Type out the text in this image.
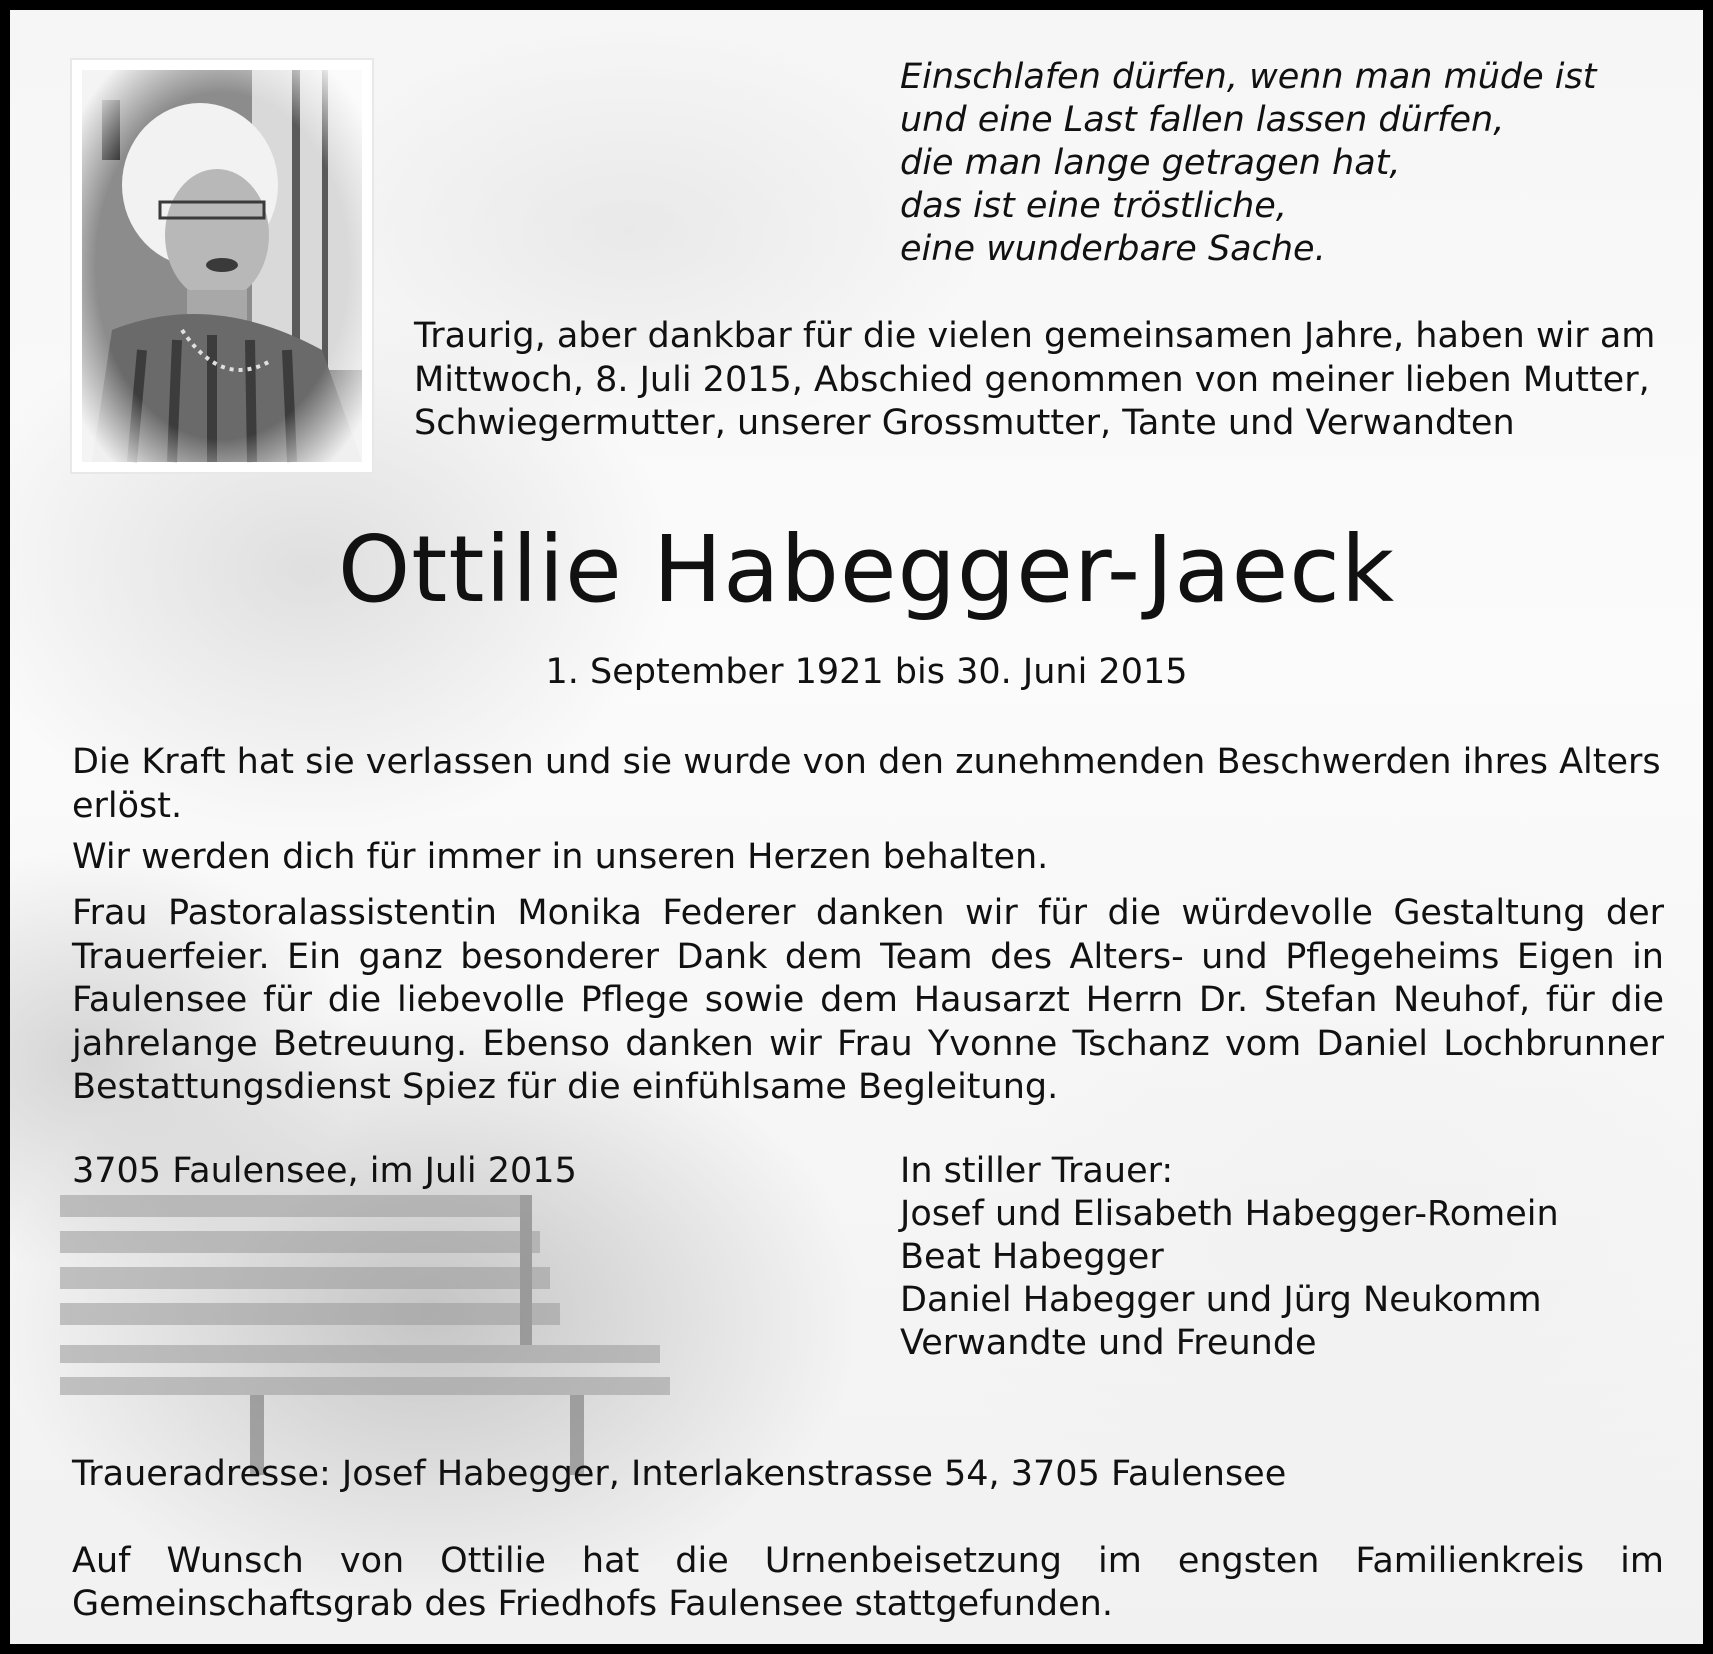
Einschlafen dürfen, wenn man müde ist
und eine Last fallen lassen dürfen,
die man lange getragen hat,
das ist eine tröstliche,
eine wunderbare Sache.
Traurig, aber dankbar für die vielen gemeinsamen Jahre, haben wir am
Mittwoch, 8. Juli 2015, Abschied genommen von meiner lieben Mutter,
Schwiegermutter, unserer Grossmutter, Tante und Verwandten
Ottilie Habegger-Jaeck
1. September 1921 bis 30. Juni 2015
Die Kraft hat sie verlassen und sie wurde von den zunehmenden Beschwerden ihres Alters erlöst.
Wir werden dich für immer in unseren Herzen behalten.
Frau Pastoralassistentin Monika Federer danken wir für die würdevolle Gestaltung der Trauerfeier. Ein ganz besonderer Dank dem Team des Alters- und Pflegeheims Eigen in Faulensee für die liebevolle Pflege sowie dem Hausarzt Herrn Dr. Stefan Neuhof, für die jahrelange Betreuung. Ebenso danken wir Frau Yvonne Tschanz vom Daniel Lochbrunner Bestattungsdienst Spiez für die einfühlsame Begleitung.
3705 Faulensee, im Juli 2015	In stiller Trauer:
Josef und Elisabeth Habegger-Romein
Beat Habegger
Daniel Habegger und Jürg Neukomm
Verwandte und Freunde
Traueradresse: Josef Habegger, Interlakenstrasse 54, 3705 Faulensee
Auf Wunsch von Ottilie hat die Urnenbeisetzung im engsten Familienkreis im Gemeinschaftsgrab des Friedhofs Faulensee stattgefunden.
